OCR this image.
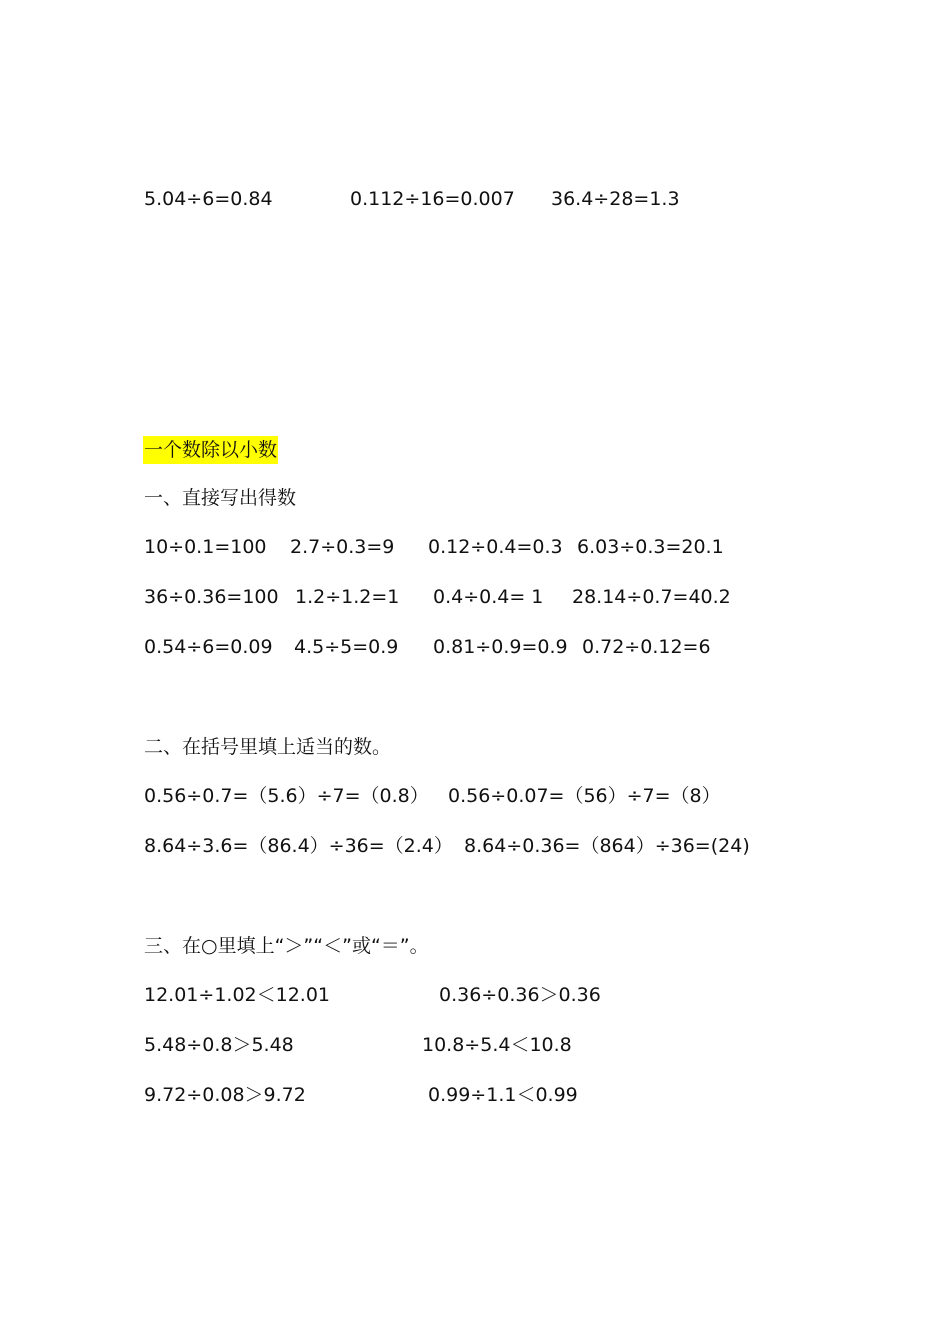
5.04÷6=0.84	0.112÷16=0.007 36.4÷28=1.3
一个数除以小数
一、直接写出得数
10÷0.1=100 2.7÷0.3=9 0.12÷0.4=0.3 6.03÷0.3=20.1
36÷0.36=100 1.2÷1.2=1 0.4÷0.4= 1 28.14÷0.7=40.2
0.54÷6=0.09 4.5÷5=0.9 0.81÷0.9=0.9 0.72÷0.12=6
二、在括号里填上适当的数。
0.56÷0.7=（5.6）÷7=（0.8） 0.56÷0.07=（56）÷7=（8）
8.64÷3.6=（86.4）÷36=（2.4） 8.64÷0.36=（864）÷36=(24)
三、在○里填上“＞”“＜”或“＝”。
12.01÷1.02＜12.01	0.36÷0.36＞0.36
5.48÷0.8＞5.48	10.8÷5.4＜10.8
9.72÷0.08＞9.72	0.99÷1.1＜0.99
